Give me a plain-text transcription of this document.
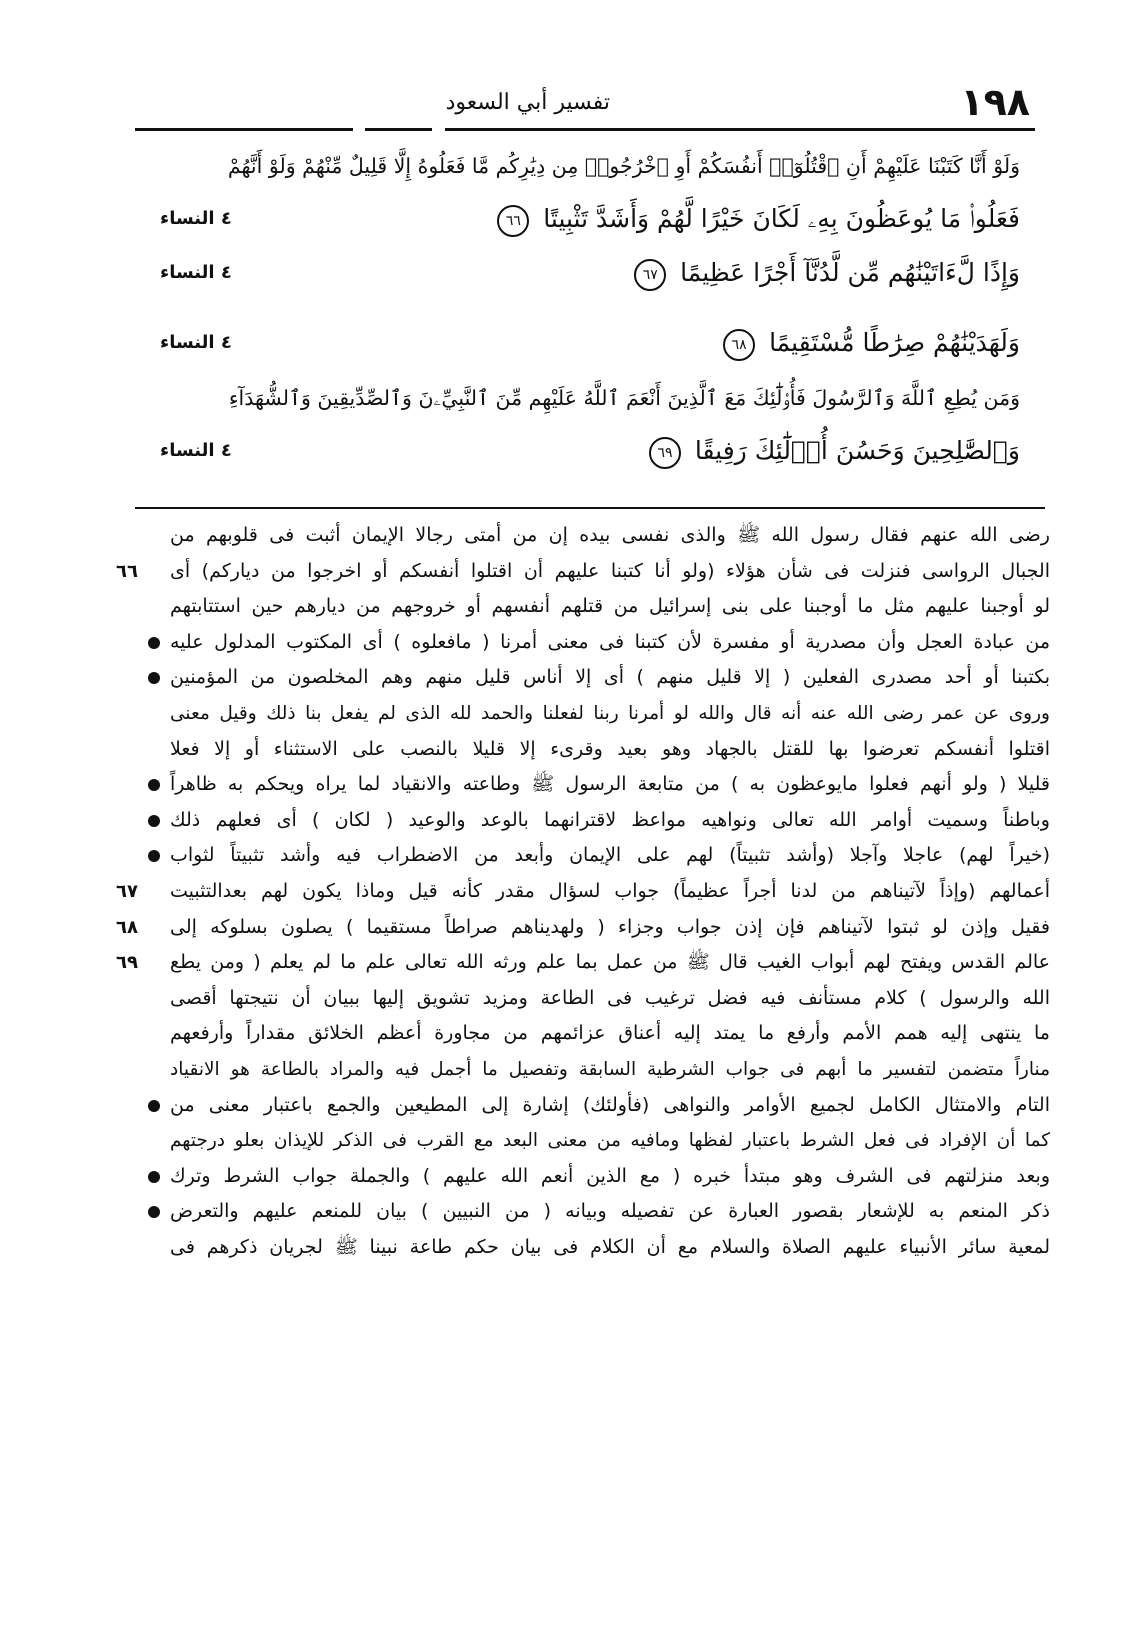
١٩٨
تفسير أبي السعود
وَلَوْ أَنَّا كَتَبْنَا عَلَيْهِمْ أَنِ ٱقْتُلُوٓا۟ أَنفُسَكُمْ أَوِ ٱخْرُجُوا۟ مِن دِيَٰرِكُم مَّا فَعَلُوهُ إِلَّا قَلِيلٌ مِّنْهُمْ وَلَوْ أَنَّهُمْ
فَعَلُوا۟ مَا يُوعَظُونَ بِهِۦ لَكَانَ خَيْرًا لَّهُمْ وَأَشَدَّ تَثْبِيتًا ٦٦
٤ النساء
وَإِذًا لَّءَاتَيْنَٰهُم مِّن لَّدُنَّآ أَجْرًا عَظِيمًا ٦٧
٤ النساء
وَلَهَدَيْنَٰهُمْ صِرَٰطًا مُّسْتَقِيمًا ٦٨
٤ النساء
وَمَن يُطِعِ ٱللَّهَ وَٱلرَّسُولَ فَأُو۟لَٰٓئِكَ مَعَ ٱلَّذِينَ أَنْعَمَ ٱللَّهُ عَلَيْهِم مِّنَ ٱلنَّبِيِّۦنَ وَٱلصِّدِّيقِينَ وَٱلشُّهَدَآءِ
وَٱلصَّٰلِحِينَ وَحَسُنَ أُو۟لَٰٓئِكَ رَفِيقًا ٦٩
٤ النساء
رضى الله عنهم فقال رسول الله ﷺ والذى نفسى بيده إن من أمتى رجالا الإيمان أثبت فى قلوبهم من
٦٦ الجبال الرواسى فنزلت فى شأن هؤلاء (ولو أنا كتبنا عليهم أن اقتلوا أنفسكم أو اخرجوا من دياركم) أى
لو أوجبنا عليهم مثل ما أوجبنا على بنى إسرائيل من قتلهم أنفسهم أو خروجهم من ديارهم حين استتابتهم
من عبادة العجل وأن مصدرية أو مفسرة لأن كتبنا فى معنى أمرنا ( مافعلوه ) أى المكتوب المدلول عليه
بكتبنا أو أحد مصدرى الفعلين ( إلا قليل منهم ) أى إلا أناس قليل منهم وهم المخلصون من المؤمنين
وروى عن عمر رضى الله عنه أنه قال والله لو أمرنا ربنا لفعلنا والحمد لله الذى لم يفعل بنا ذلك وقيل معنى
اقتلوا أنفسكم تعرضوا بها للقتل بالجهاد وهو بعيد وقرىء إلا قليلا بالنصب على الاستثناء أو إلا فعلا
قليلا ( ولو أنهم فعلوا مايوعظون به ) من متابعة الرسول ﷺ وطاعته والانقياد لما يراه ويحكم به ظاهراً
وباطناً وسميت أوامر الله تعالى ونواهيه مواعظ لاقترانهما بالوعد والوعيد ( لكان ) أى فعلهم ذلك
(خيراً لهم) عاجلا وآجلا (وأشد تثبيتاً) لهم على الإيمان وأبعد من الاضطراب فيه وأشد تثبيتاً لثواب
٦٧ أعمالهم (وإذاً لآتيناهم من لدنا أجراً عظيماً) جواب لسؤال مقدر كأنه قيل وماذا يكون لهم بعدالتثبيت
٦٨ فقيل وإذن لو ثبتوا لآتيناهم فإن إذن جواب وجزاء ( ولهديناهم صراطاً مستقيما ) يصلون بسلوكه إلى
٦٩ عالم القدس ويفتح لهم أبواب الغيب قال ﷺ من عمل بما علم ورثه الله تعالى علم ما لم يعلم ( ومن يطع
الله والرسول ) كلام مستأنف فيه فضل ترغيب فى الطاعة ومزيد تشويق إليها ببيان أن نتيجتها أقصى
ما ينتهى إليه همم الأمم وأرفع ما يمتد إليه أعناق عزائمهم من مجاورة أعظم الخلائق مقداراً وأرفعهم
مناراً متضمن لتفسير ما أبهم فى جواب الشرطية السابقة وتفصيل ما أجمل فيه والمراد بالطاعة هو الانقياد
التام والامتثال الكامل لجميع الأوامر والنواهى (فأولئك) إشارة إلى المطيعين والجمع باعتبار معنى من
كما أن الإفراد فى فعل الشرط باعتبار لفظها ومافيه من معنى البعد مع القرب فى الذكر للإيذان بعلو درجتهم
وبعد منزلتهم فى الشرف وهو مبتدأ خبره ( مع الذين أنعم الله عليهم ) والجملة جواب الشرط وترك
ذكر المنعم به للإشعار بقصور العبارة عن تفصيله وبيانه ( من النبيين ) بيان للمنعم عليهم والتعرض
لمعية سائر الأنبياء عليهم الصلاة والسلام مع أن الكلام فى بيان حكم طاعة نبينا ﷺ لجريان ذكرهم فى
